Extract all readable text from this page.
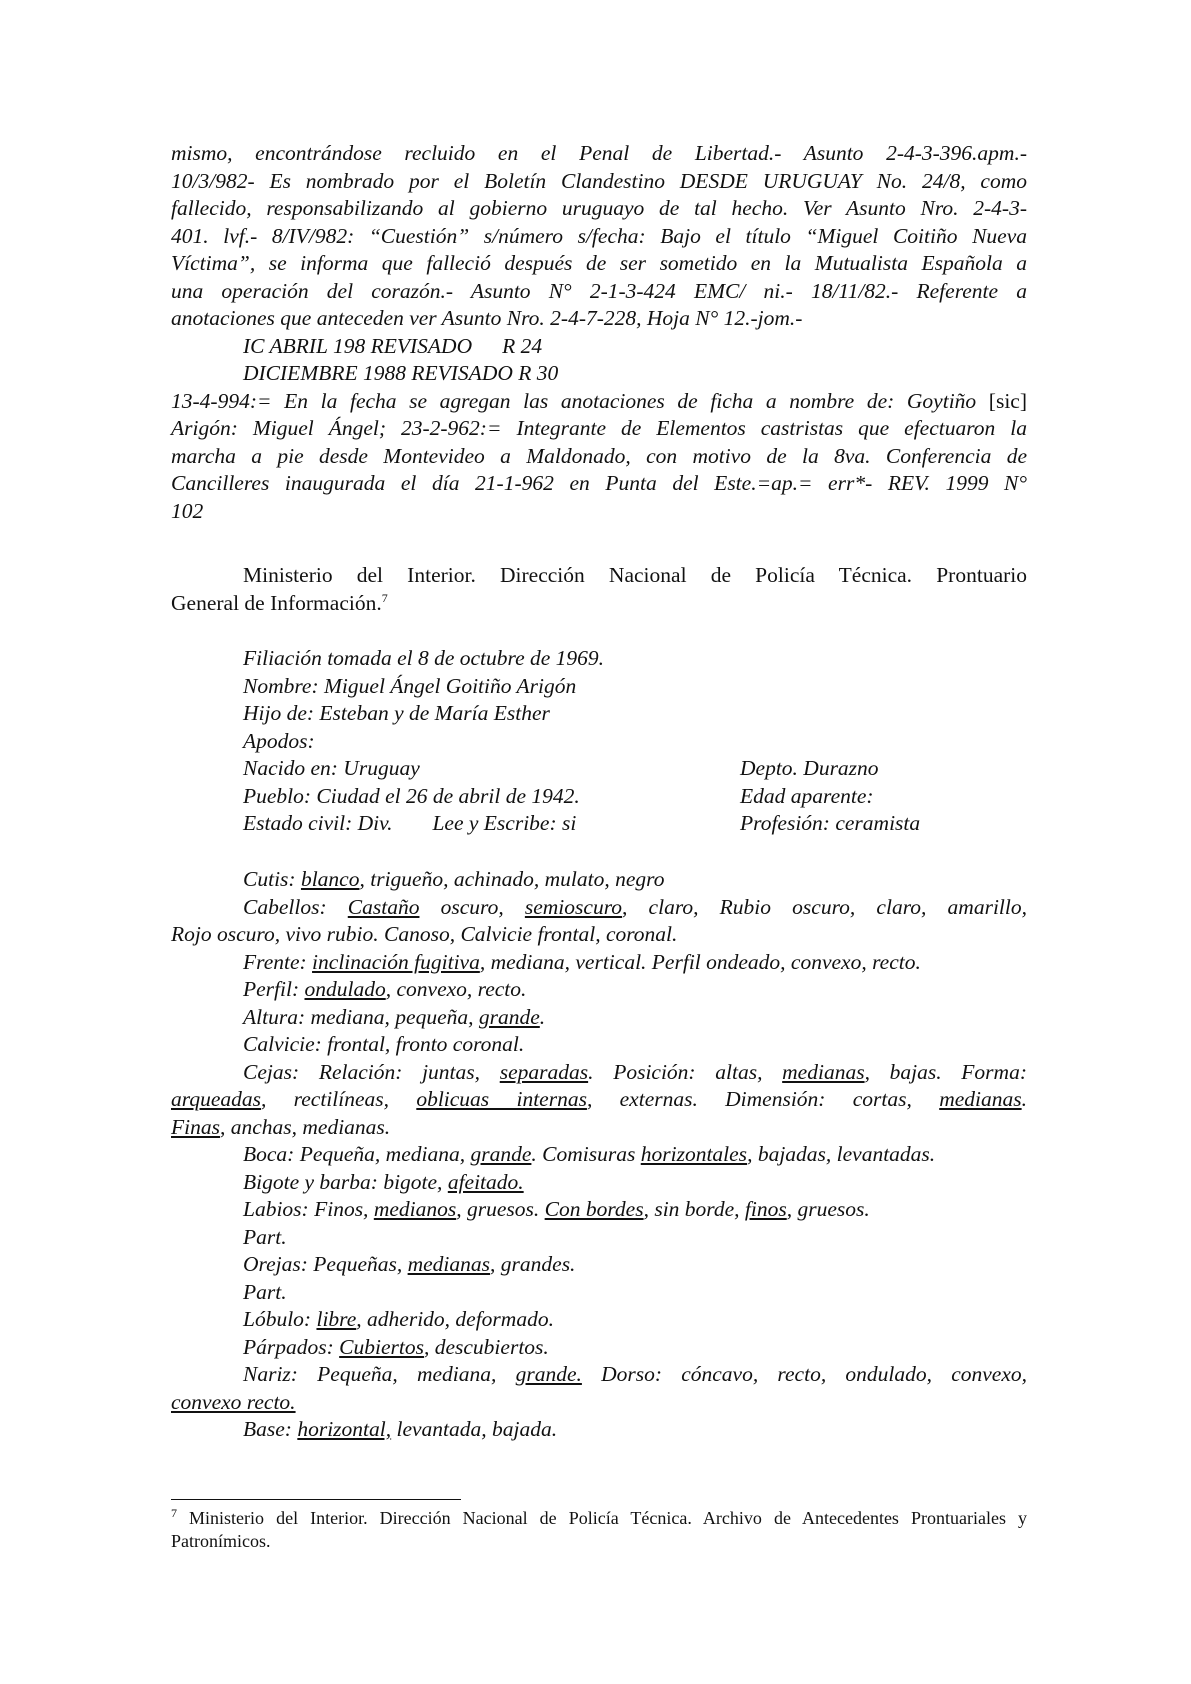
mismo, encontrándose recluido en el Penal de Libertad.- Asunto 2-4-3-396.apm.-
10/3/982- Es nombrado por el Boletín Clandestino DESDE URUGUAY No. 24/8, como
fallecido, responsabilizando al gobierno uruguayo de tal hecho. Ver Asunto Nro. 2-4-3-
401. lvf.- 8/IV/982: “Cuestión” s/número s/fecha: Bajo el título “Miguel Coitiño Nueva
Víctima”, se informa que falleció después de ser sometido en la Mutualista Española a
una operación del corazón.- Asunto N° 2-1-3-424 EMC/ ni.- 18/11/82.- Referente a
anotaciones que anteceden ver Asunto Nro. 2-4-7-228, Hoja N° 12.-jom.-
IC ABRIL 198 REVISADO R 24
DICIEMBRE 1988 REVISADO R 30
13-4-994:= En la fecha se agregan las anotaciones de ficha a nombre de: Goytiño [sic]
Arigón: Miguel Ángel; 23-2-962:= Integrante de Elementos castristas que efectuaron la
marcha a pie desde Montevideo a Maldonado, con motivo de la 8va. Conferencia de
Cancilleres inaugurada el día 21-1-962 en Punta del Este.=ap.= err*- REV. 1999 N°
102
Ministerio del Interior. Dirección Nacional de Policía Técnica. Prontuario
General de Información.$^7$
Filiación tomada el 8 de octubre de 1969.
Nombre: Miguel Ángel Goitiño Arigón
Hijo de: Esteban y de María Esther
Apodos:
Nacido en: Uruguay	Depto. Durazno
Pueblo: Ciudad el 26 de abril de 1942.	Edad aparente:
Estado civil: Div. Lee y Escribe: si	Profesión: ceramista
Cutis: blanco, trigueño, achinado, mulato, negro
Cabellos: Castaño oscuro, semioscuro, claro, Rubio oscuro, claro, amarillo,
Rojo oscuro, vivo rubio. Canoso, Calvicie frontal, coronal.
Frente: inclinación fugitiva, mediana, vertical. Perfil ondeado, convexo, recto.
Perfil: ondulado, convexo, recto.
Altura: mediana, pequeña, grande.
Calvicie: frontal, fronto coronal.
Cejas: Relación: juntas, separadas. Posición: altas, medianas, bajas. Forma:
arqueadas, rectilíneas, oblicuas internas, externas. Dimensión: cortas, medianas.
Finas, anchas, medianas.
Boca: Pequeña, mediana, grande. Comisuras horizontales, bajadas, levantadas.
Bigote y barba: bigote, afeitado.
Labios: Finos, medianos, gruesos. Con bordes, sin borde, finos, gruesos.
Part.
Orejas: Pequeñas, medianas, grandes.
Part.
Lóbulo: libre, adherido, deformado.
Párpados: Cubiertos, descubiertos.
Nariz: Pequeña, mediana, grande. Dorso: cóncavo, recto, ondulado, convexo,
convexo recto.
Base: horizontal, levantada, bajada.
$^7$ Ministerio del Interior. Dirección Nacional de Policía Técnica. Archivo de Antecedentes Prontuariales y Patronímicos.
